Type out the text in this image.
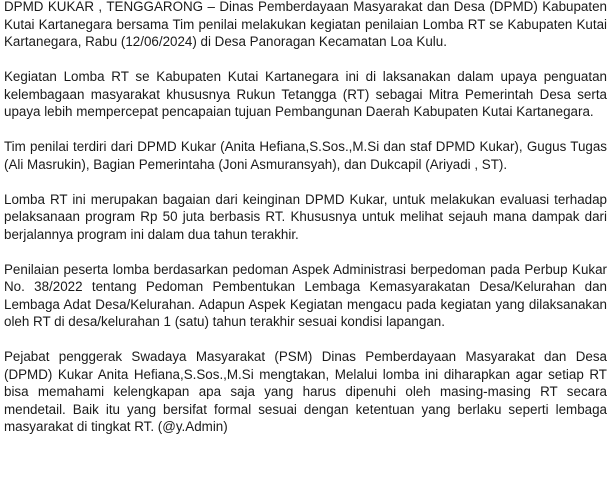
DPMD KUKAR , TENGGARONG – Dinas Pemberdayaan Masyarakat dan Desa (DPMD) Kabupaten Kutai Kartanegara bersama Tim penilai melakukan kegiatan penilaian Lomba RT se Kabupaten Kutai Kartanegara, Rabu (12/06/2024) di Desa Panoragan Kecamatan Loa Kulu.

Kegiatan Lomba RT se Kabupaten Kutai Kartanegara ini di laksanakan dalam upaya penguatan kelembagaan masyarakat khususnya Rukun Tetangga (RT) sebagai Mitra Pemerintah Desa serta upaya lebih mempercepat pencapaian tujuan Pembangunan Daerah Kabupaten Kutai Kartanegara.

Tim penilai terdiri dari DPMD Kukar (Anita Hefiana,S.Sos.,M.Si dan staf DPMD Kukar), Gugus Tugas (Ali Masrukin), Bagian Pemerintaha (Joni Asmuransyah), dan Dukcapil (Ariyadi , ST).

Lomba RT ini merupakan bagaian dari keinginan DPMD Kukar, untuk melakukan evaluasi terhadap pelaksanaan program Rp 50 juta berbasis RT. Khususnya untuk melihat sejauh mana dampak dari berjalannya program ini dalam dua tahun terakhir.

Penilaian peserta lomba berdasarkan pedoman Aspek Administrasi berpedoman pada Perbup Kukar No. 38/2022 tentang Pedoman Pembentukan Lembaga Kemasyarakatan Desa/Kelurahan dan Lembaga Adat Desa/Kelurahan. Adapun Aspek Kegiatan mengacu pada kegiatan yang dilaksanakan oleh RT di desa/kelurahan 1 (satu) tahun terakhir sesuai kondisi lapangan.

Pejabat penggerak Swadaya Masyarakat (PSM) Dinas Pemberdayaan Masyarakat dan Desa (DPMD) Kukar Anita Hefiana,S.Sos.,M.Si mengtakan, Melalui lomba ini diharapkan agar setiap RT bisa memahami kelengkapan apa saja yang harus dipenuhi oleh masing-masing RT secara mendetail. Baik itu yang bersifat formal sesuai dengan ketentuan yang berlaku seperti lembaga masyarakat di tingkat RT. (@y.Admin)
